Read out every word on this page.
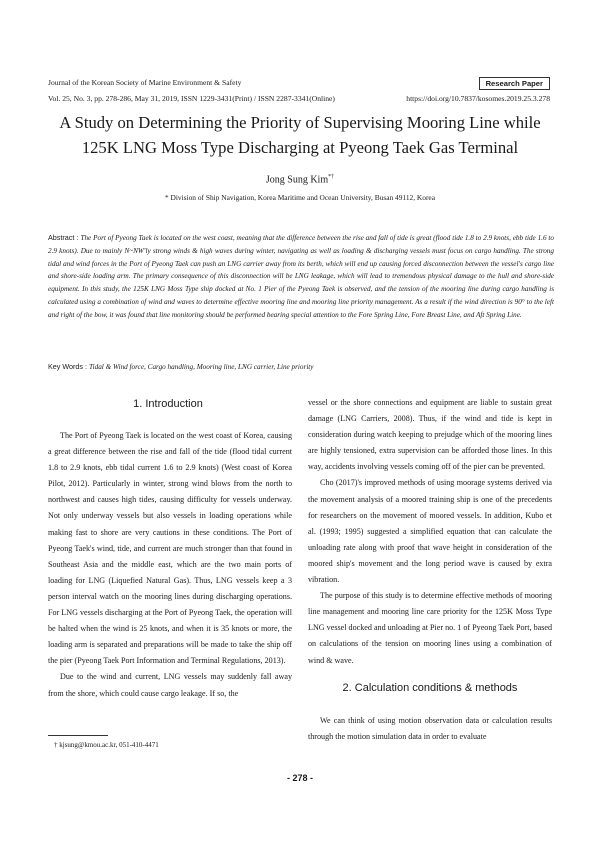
Journal of the Korean Society of Marine Environment & Safety	Research Paper
Vol. 25, No. 3, pp. 278-286, May 31, 2019, ISSN 1229-3431(Print) / ISSN 2287-3341(Online)	https://doi.org/10.7837/kosomes.2019.25.3.278
A Study on Determining the Priority of Supervising Mooring Line while 125K LNG Moss Type Discharging at Pyeong Taek Gas Terminal
Jong Sung Kim*†
* Division of Ship Navigation, Korea Maritime and Ocean University, Busan 49112, Korea
Abstract : The Port of Pyeong Taek is located on the west coast, meaning that the difference between the rise and fall of tide is great (flood tide 1.8 to 2.9 knots, ebb tide 1.6 to 2.9 knots). Due to mainly N~NW'ly strong winds & high waves during winter, navigating as well as loading & discharging vessels must focus on cargo handling. The strong tidal and wind forces in the Port of Pyeong Taek can push an LNG carrier away from its berth, which will end up causing forced disconnection between the vessel's cargo line and shore-side loading arm. The primary consequence of this disconnection will be LNG leakage, which will lead to tremendous physical damage to the hull and shore-side equipment. In this study, the 125K LNG Moss Type ship docked at No. 1 Pier of the Pyeong Taek is observed, and the tension of the mooring line during cargo handling is calculated using a combination of wind and waves to determine effective mooring line and mooring line priority management. As a result if the wind direction is 90° to the left and right of the bow, it was found that line monitoring should be performed bearing special attention to the Fore Spring Line, Fore Breast Line, and Aft Spring Line.
Key Words : Tidal & Wind force, Cargo handling, Mooring line, LNG carrier, Line priority
1. Introduction

The Port of Pyeong Taek is located on the west coast of Korea, causing a great difference between the rise and fall of the tide (flood tidal current 1.8 to 2.9 knots, ebb tidal current 1.6 to 2.9 knots) (West coast of Korea Pilot, 2012). Particularly in winter, strong wind blows from the north to northwest and causes high tides, causing difficulty for vessels underway. Not only underway vessels but also vessels in loading operations while making fast to shore are very cautions in these conditions. The Port of Pyeong Taek's wind, tide, and current are much stronger than that found in Southeast Asia and the middle east, which are the two main ports of loading for LNG (Liquefied Natural Gas). Thus, LNG vessels keep a 3 person interval watch on the mooring lines during discharging operations. For LNG vessels discharging at the Port of Pyeong Taek, the operation will be halted when the wind is 25 knots, and when it is 35 knots or more, the loading arm is separated and preparations will be made to take the ship off the pier (Pyeong Taek Port Information and Terminal Regulations, 2013).

Due to the wind and current, LNG vessels may suddenly fall away from the shore, which could cause cargo leakage. If so, the

vessel or the shore connections and equipment are liable to sustain great damage (LNG Carriers, 2008). Thus, if the wind and tide is kept in consideration during watch keeping to prejudge which of the mooring lines are highly tensioned, extra supervision can be afforded those lines. In this way, accidents involving vessels coming off of the pier can be prevented.

Cho (2017)'s improved methods of using moorage systems derived via the movement analysis of a moored training ship is one of the precedents for researchers on the movement of moored vessels. In addition, Kubo et al. (1993; 1995) suggested a simplified equation that can calculate the unloading rate along with proof that wave height in consideration of the moored ship's movement and the long period wave is caused by extra vibration.

The purpose of this study is to determine effective methods of mooring line management and mooring line care priority for the 125K Moss Type LNG vessel docked and unloading at Pier no. 1 of Pyeong Taek Port, based on calculations of the tension on mooring lines using a combination of wind & wave.

2. Calculation conditions & methods

We can think of using motion observation data or calculation results through the motion simulation data in order to evaluate

† kjsung@kmou.ac.kr, 051-410-4471
- 278 -
